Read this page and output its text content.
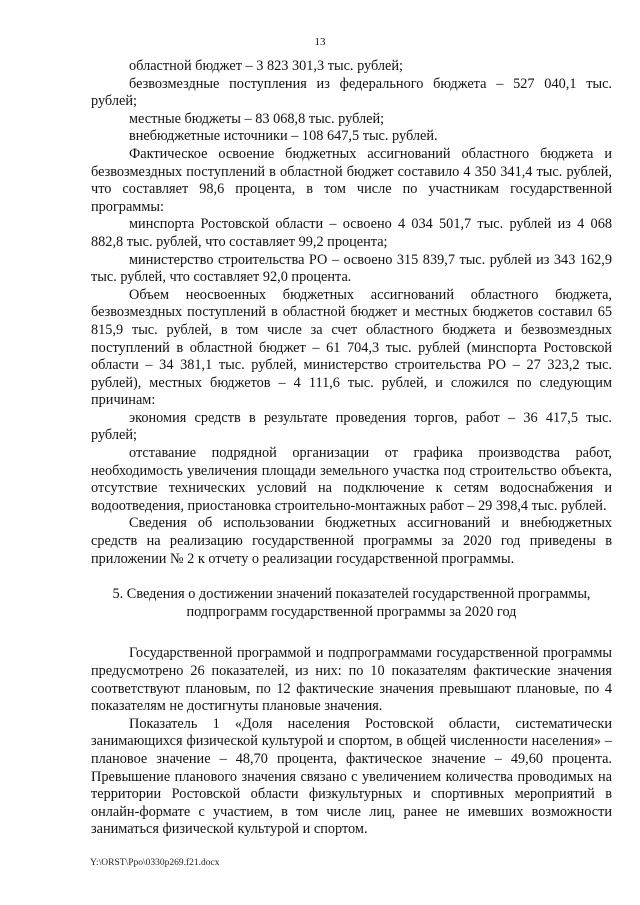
13

областной бюджет – 3 823 301,3 тыс. рублей;

безвозмездные поступления из федерального бюджета – 527 040,1 тыс. рублей;

местные бюджеты – 83 068,8 тыс. рублей;

внебюджетные источники – 108 647,5 тыс. рублей.

Фактическое освоение бюджетных ассигнований областного бюджета и безвозмездных поступлений в областной бюджет составило 4 350 341,4 тыс. рублей, что составляет 98,6 процента, в том числе по участникам государственной программы:

минспорта Ростовской области – освоено 4 034 501,7 тыс. рублей из 4 068 882,8 тыс. рублей, что составляет 99,2 процента;

министерство строительства РО – освоено 315 839,7 тыс. рублей из 343 162,9 тыс. рублей, что составляет 92,0 процента.

Объем неосвоенных бюджетных ассигнований областного бюджета, безвозмездных поступлений в областной бюджет и местных бюджетов составил 65 815,9 тыс. рублей, в том числе за счет областного бюджета и безвозмездных поступлений в областной бюджет – 61 704,3 тыс. рублей (минспорта Ростовской области – 34 381,1 тыс. рублей, министерство строительства РО – 27 323,2 тыс. рублей), местных бюджетов – 4 111,6 тыс. рублей, и сложился по следующим причинам:

экономия средств в результате проведения торгов, работ – 36 417,5 тыс. рублей;

отставание подрядной организации от графика производства работ, необходимость увеличения площади земельного участка под строительство объекта, отсутствие технических условий на подключение к сетям водоснабжения и водоотведения, приостановка строительно-монтажных работ – 29 398,4 тыс. рублей.

Сведения об использовании бюджетных ассигнований и внебюджетных средств на реализацию государственной программы за 2020 год приведены в приложении № 2 к отчету о реализации государственной программы.

5. Сведения о достижении значений показателей государственной программы, подпрограмм государственной программы за 2020 год

Государственной программой и подпрограммами государственной программы предусмотрено 26 показателей, из них: по 10 показателям фактические значения соответствуют плановым, по 12 фактические значения превышают плановые, по 4 показателям не достигнуты плановые значения.

Показатель 1 «Доля населения Ростовской области, систематически занимающихся физической культурой и спортом, в общей численности населения» – плановое значение – 48,70 процента, фактическое значение – 49,60 процента. Превышение планового значения связано с увеличением количества проводимых на территории Ростовской области физкультурных и спортивных мероприятий в онлайн-формате с участием, в том числе лиц, ранее не имевших возможности заниматься физической культурой и спортом.

Y:\ORST\Ppo\0330p269.f21.docx
